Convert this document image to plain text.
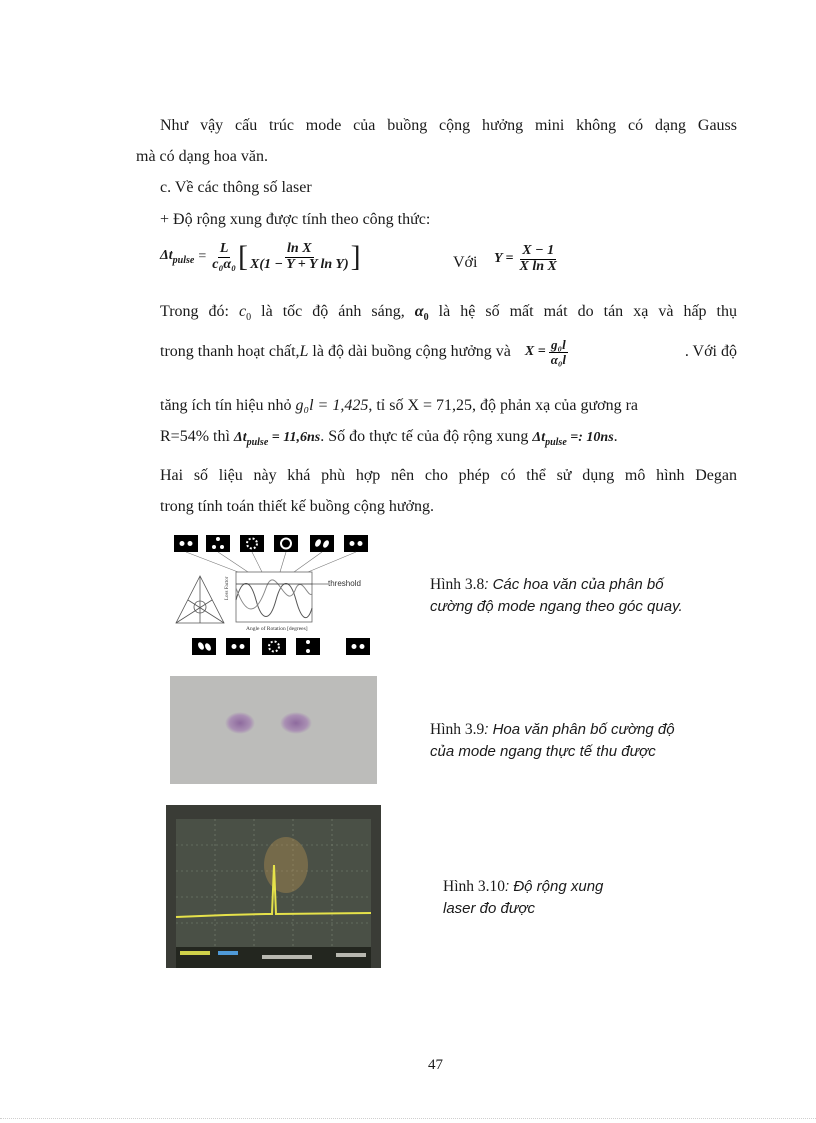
Như vậy cấu trúc mode của buồng cộng hưởng mini không có dạng Gauss
mà có dạng hoa văn.
c. Về các thông số laser
+ Độ rộng xung được tính theo công thức:
$\Delta t_{pulse} = \frac{L}{\text{c₀α₀}}$ [ $\frac{\text{ln X}}{\text{X(1 − Y + Y ln Y)}}$ ]	Với $Y = \frac{X - 1}{\text{X ln X}}$
Trong đó: $c_0$ là tốc độ ánh sáng, $\alpha_0$ là hệ số mất mát do tán xạ và hấp thụ
trong thanh hoạt chất, L là độ dài buồng cộng hưởng và $X = \frac{\text{g₀l}}{\text{α₀l}}$	. Với độ
tăng ích tín hiệu nhỏ g₀l = 1,425, tỉ số X = 71,25, độ phản xạ của gương ra
R=54% thì $\Delta t_{pulse} = 11,6ns$. Số đo thực tế của độ rộng xung $\Delta t_{pulse}$ =: 10ns.
Hai số liệu này khá phù hợp nên cho phép có thể sử dụng mô hình Degan
trong tính toán thiết kế buồng cộng hưởng.
Loss Factor
Angle of Rotation [degrees]
threshold	Hình 3.8: Các hoa văn của phân bố
cường độ mode ngang theo góc quay.
Hình 3.9: Hoa văn phân bố cường độ
của mode ngang thực tế thu được
Hình 3.10: Độ rộng xung
laser đo được
47
